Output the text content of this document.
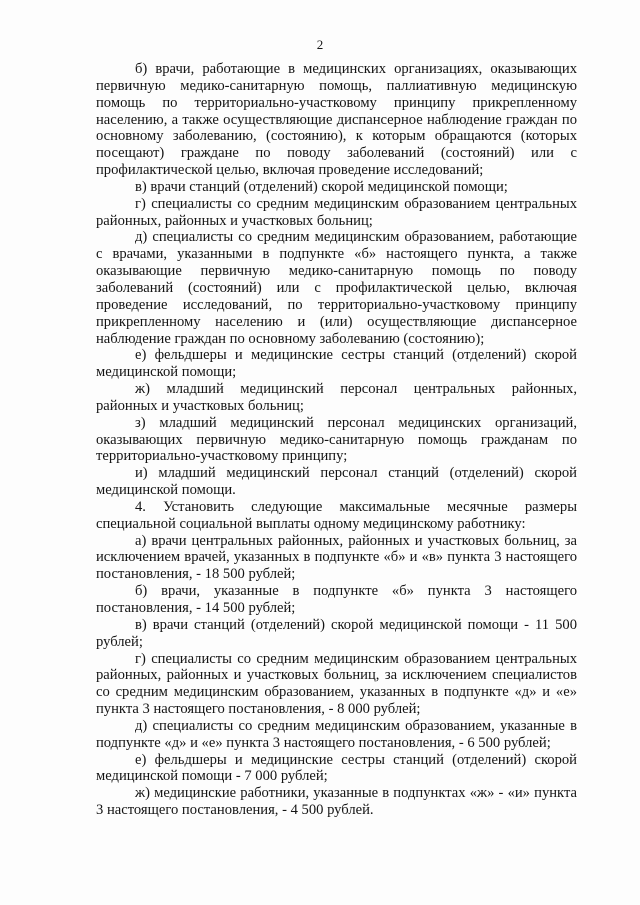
2

б) врачи, работающие в медицинских организациях, оказывающих первичную медико-санитарную помощь, паллиативную медицинскую помощь по территориально-участковому принципу прикрепленному населению, а также осуществляющие диспансерное наблюдение граждан по основному заболеванию, (состоянию), к которым обращаются (которых посещают) граждане по поводу заболеваний (состояний) или с профилактической целью, включая проведение исследований;

в) врачи станций (отделений) скорой медицинской помощи;

г) специалисты со средним медицинским образованием центральных районных, районных и участковых больниц;

д) специалисты со средним медицинским образованием, работающие с врачами, указанными в подпункте «б» настоящего пункта, а также оказывающие первичную медико-санитарную помощь по поводу заболеваний (состояний) или с профилактической целью, включая проведение исследований, по территориально-участковому принципу прикрепленному населению и (или) осуществляющие диспансерное наблюдение граждан по основному заболеванию (состоянию);

е) фельдшеры и медицинские сестры станций (отделений) скорой медицинской помощи;

ж) младший медицинский персонал центральных районных, районных и участковых больниц;

з) младший медицинский персонал медицинских организаций, оказывающих первичную медико-санитарную помощь гражданам по территориально-участковому принципу;

и) младший медицинский персонал станций (отделений) скорой медицинской помощи.

4. Установить следующие максимальные месячные размеры специальной социальной выплаты одному медицинскому работнику:

а) врачи центральных районных, районных и участковых больниц, за исключением врачей, указанных в подпункте «б» и «в» пункта 3 настоящего постановления, - 18 500 рублей;

б) врачи, указанные в подпункте «б» пункта 3 настоящего постановления, - 14 500 рублей;

в) врачи станций (отделений) скорой медицинской помощи - 11 500 рублей;

г) специалисты со средним медицинским образованием центральных районных, районных и участковых больниц, за исключением специалистов со средним медицинским образованием, указанных в подпункте «д» и «е» пункта 3 настоящего постановления, - 8 000 рублей;

д) специалисты со средним медицинским образованием, указанные в подпункте «д» и «е» пункта 3 настоящего постановления, - 6 500 рублей;

е) фельдшеры и медицинские сестры станций (отделений) скорой медицинской помощи - 7 000 рублей;

ж) медицинские работники, указанные в подпунктах «ж» - «и» пункта 3 настоящего постановления, - 4 500 рублей.
